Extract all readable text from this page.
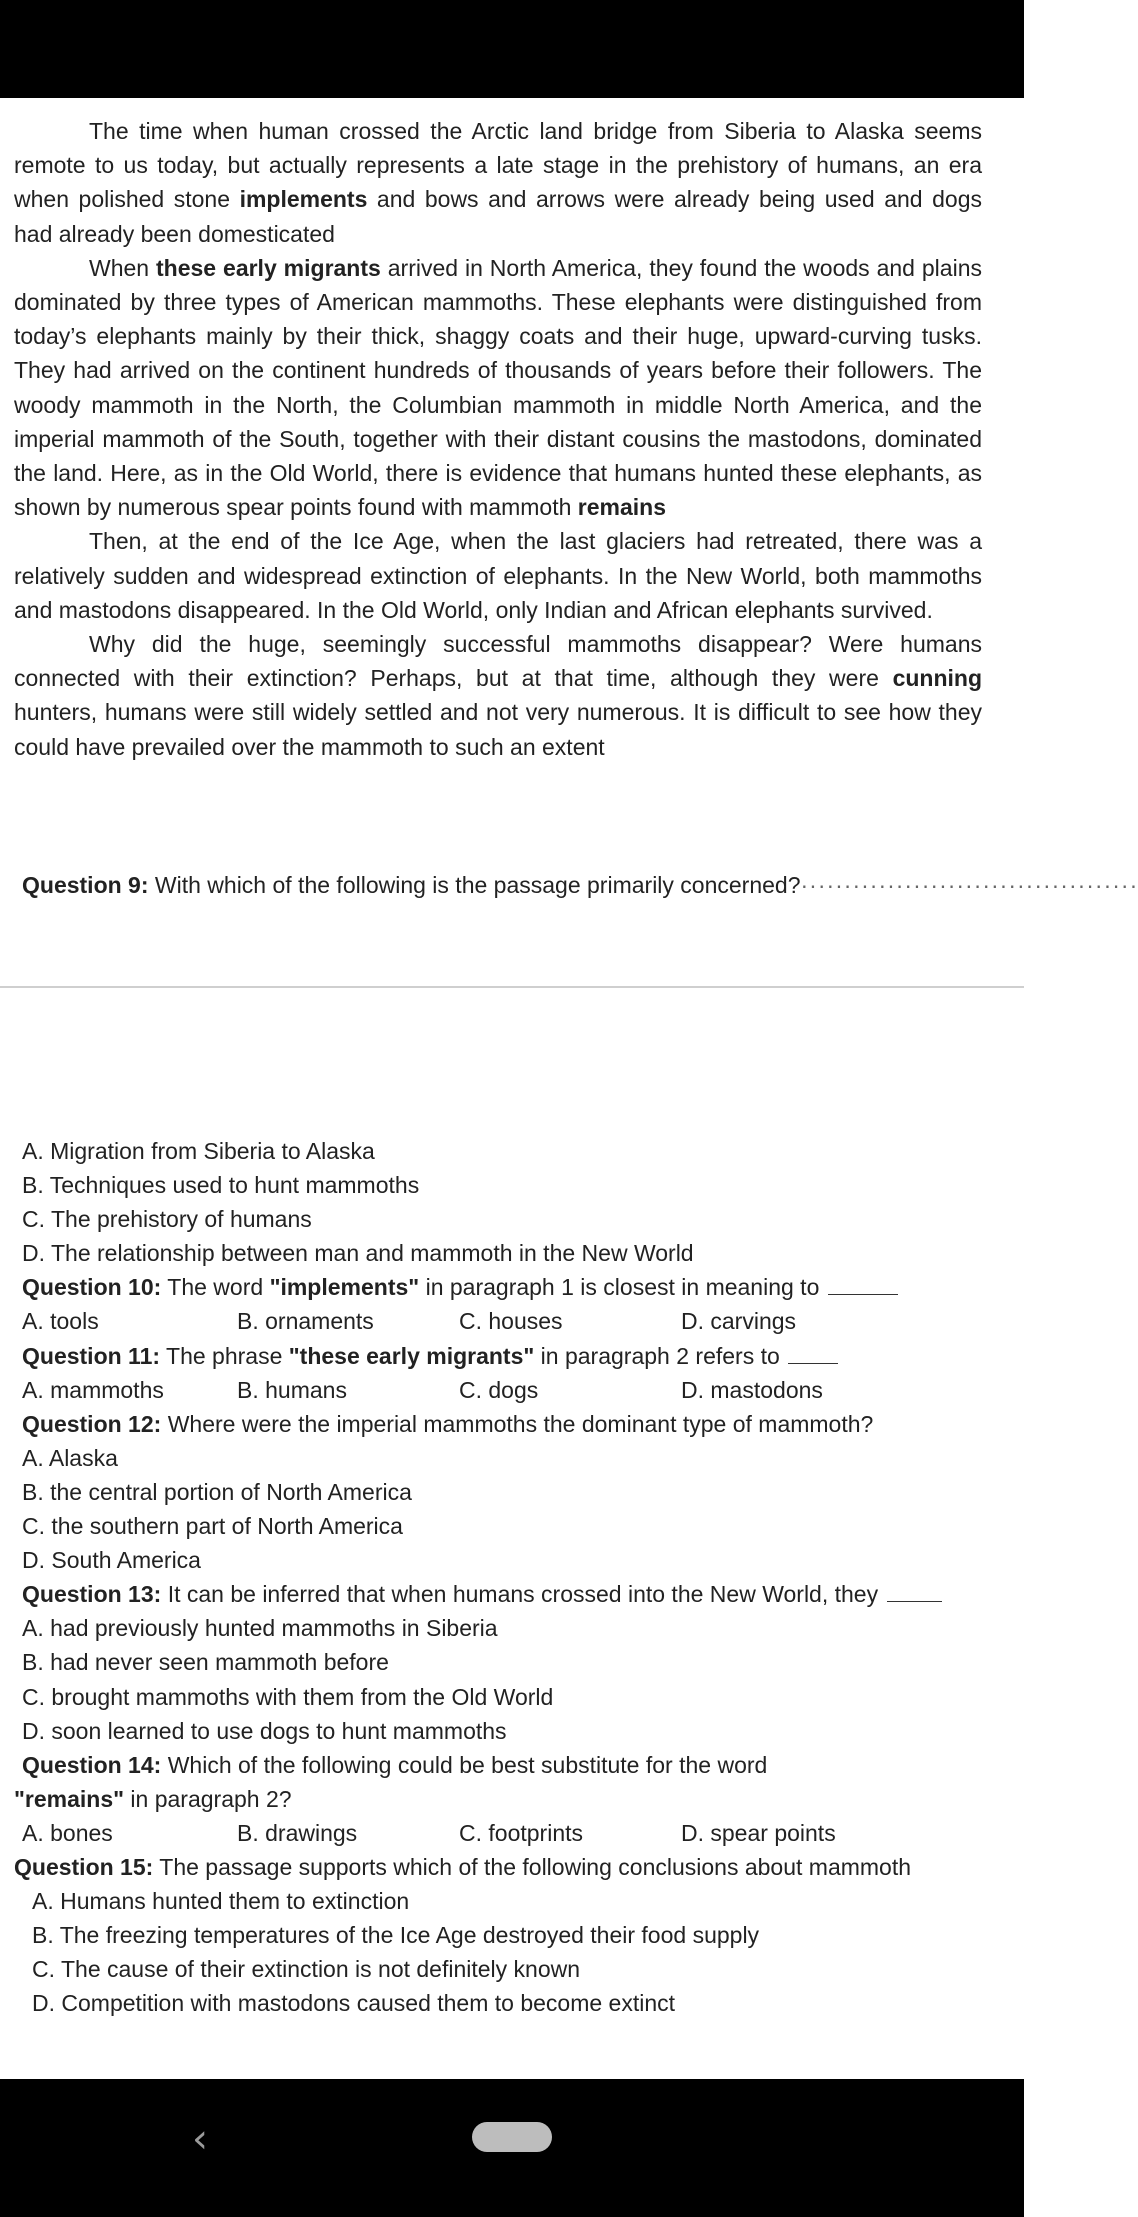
The time when human crossed the Arctic land bridge from Siberia to Alaska seems remote to us today, but actually represents a late stage in the prehistory of humans, an era when polished stone implements and bows and arrows were already being used and dogs had already been domesticated

When these early migrants arrived in North America, they found the woods and plains dominated by three types of American mammoths. These elephants were distinguished from today’s elephants mainly by their thick, shaggy coats and their huge, upward-curving tusks. They had arrived on the continent hundreds of thousands of years before their followers. The woody mammoth in the North, the Columbian mammoth in middle North America, and the imperial mammoth of the South, together with their distant cousins the mastodons, dominated the land. Here, as in the Old World, there is evidence that humans hunted these elephants, as shown by numerous spear points found with mammoth remains

Then, at the end of the Ice Age, when the last glaciers had retreated, there was a relatively sudden and widespread extinction of elephants. In the New World, both mammoths and mastodons disappeared. In the Old World, only Indian and African elephants survived.

Why did the huge, seemingly successful mammoths disappear? Were humans connected with their extinction? Perhaps, but at that time, although they were cunning hunters, humans were still widely settled and not very numerous. It is difficult to see how they could have prevailed over the mammoth to such an extent

Question 9: With which of the following is the passage primarily concerned?·······································
A. Migration from Siberia to Alaska
B. Techniques used to hunt mammoths
C. The prehistory of humans
D. The relationship between man and mammoth in the New World
Question 10: The word "implements" in paragraph 1 is closest in meaning to
A. tools	B. ornaments	C. houses	D. carvings
Question 11: The phrase "these early migrants" in paragraph 2 refers to
A. mammoths	B. humans	C. dogs	D. mastodons
Question 12: Where were the imperial mammoths the dominant type of mammoth?
A. Alaska
B. the central portion of North America
C. the southern part of North America
D. South America
Question 13: It can be inferred that when humans crossed into the New World, they
A. had previously hunted mammoths in Siberia
B. had never seen mammoth before
C. brought mammoths with them from the Old World
D. soon learned to use dogs to hunt mammoths
Question 14: Which of the following could be best substitute for the word
"remains" in paragraph 2?
A. bones	B. drawings	C. footprints	D. spear points
Question 15: The passage supports which of the following conclusions about mammoth
A. Humans hunted them to extinction
B. The freezing temperatures of the Ice Age destroyed their food supply
C. The cause of their extinction is not definitely known
D. Competition with mastodons caused them to become extinct
‹
